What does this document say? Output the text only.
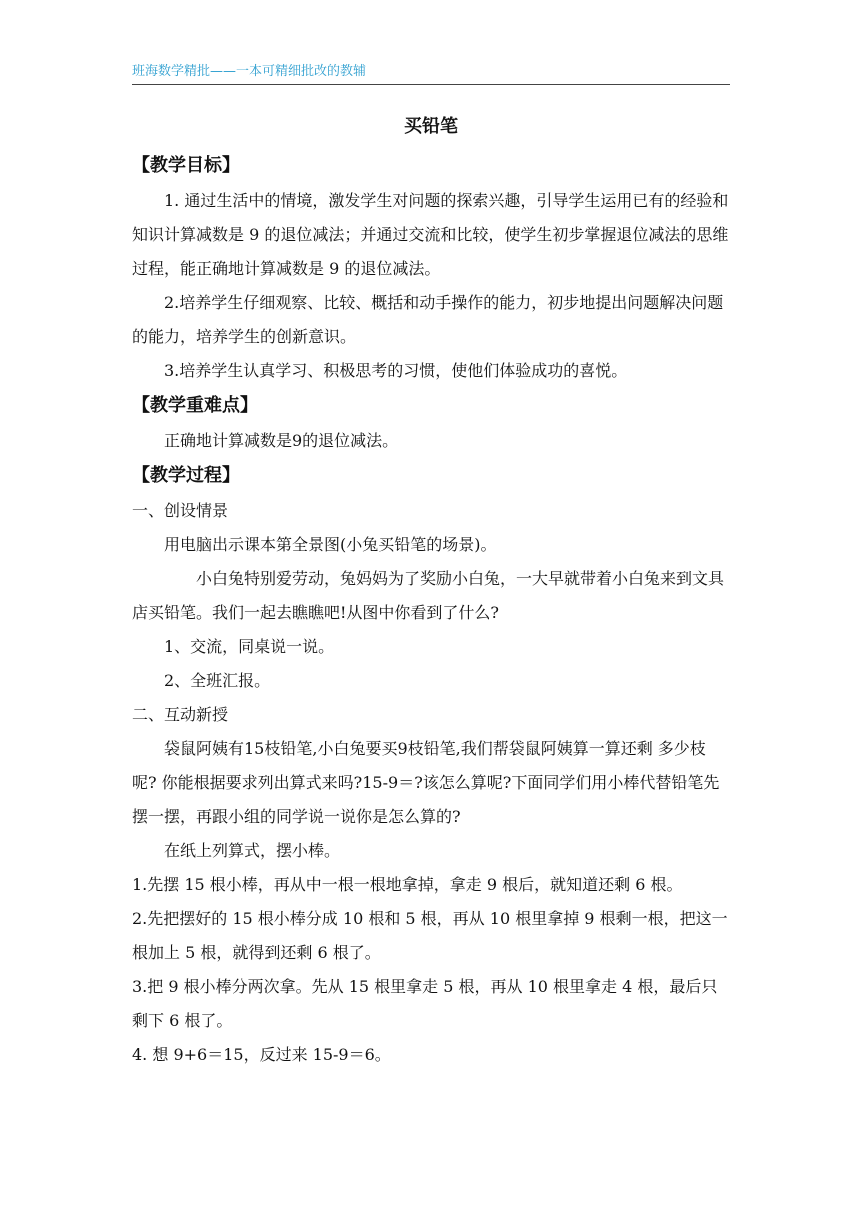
班海数学精批——一本可精细批改的教辅
买铅笔

【教学目标】

1. 通过生活中的情境，激发学生对问题的探索兴趣，引导学生运用已有的经验和知识计算减数是 9 的退位减法；并通过交流和比较，使学生初步掌握退位减法的思维过程，能正确地计算减数是 9 的退位减法。

2.培养学生仔细观察、比较、概括和动手操作的能力，初步地提出问题解决问题的能力，培养学生的创新意识。

3.培养学生认真学习、积极思考的习惯，使他们体验成功的喜悦。

【教学重难点】

正确地计算减数是9的退位减法。

【教学过程】

一、创设情景

用电脑出示课本第全景图(小兔买铅笔的场景)。

小白兔特别爱劳动，兔妈妈为了奖励小白兔，一大早就带着小白兔来到文具店买铅笔。我们一起去瞧瞧吧!从图中你看到了什么?

1、交流，同桌说一说。

2、全班汇报。

二、互动新授

袋鼠阿姨有15枝铅笔,小白兔要买9枝铅笔,我们帮袋鼠阿姨算一算还剩 多少枝呢? 你能根据要求列出算式来吗?15-9＝?该怎么算呢?下面同学们用小棒代替铅笔先摆一摆，再跟小组的同学说一说你是怎么算的?

在纸上列算式，摆小棒。

1.先摆 15 根小棒，再从中一根一根地拿掉，拿走 9 根后，就知道还剩 6 根。

2.先把摆好的 15 根小棒分成 10 根和 5 根，再从 10 根里拿掉 9 根剩一根，把这一根加上 5 根，就得到还剩 6 根了。

3.把 9 根小棒分两次拿。先从 15 根里拿走 5 根，再从 10 根里拿走 4 根，最后只剩下 6 根了。

4. 想 9+6＝15，反过来 15-9＝6。
